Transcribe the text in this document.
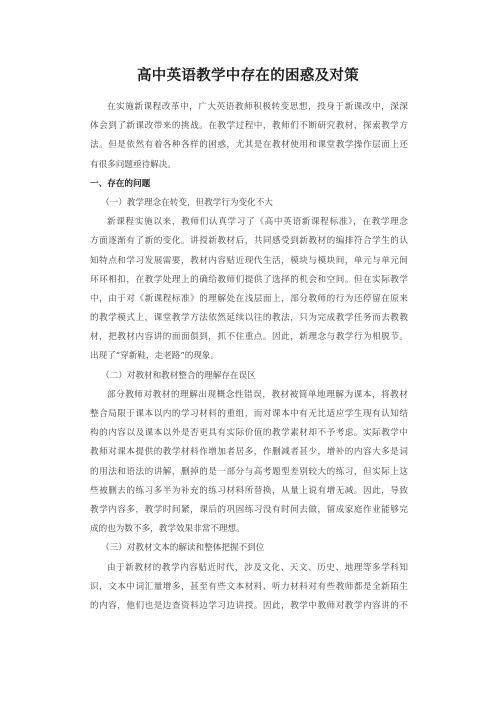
高中英语教学中存在的困惑及对策
在实施新课程改革中，广大英语教师积极转变思想，投身于新课改中，深深
体会到了新课改带来的挑战。在教学过程中，教师们不断研究教材，探索教学方
法。但是依然有着各种各样的困惑，尤其是在教材使用和课堂教学操作层面上还
有很多问题亟待解决。
一、存在的问题
（一）教学理念在转变，但教学行为变化不大
新课程实施以来，教师们认真学习了《高中英语新课程标准》，在教学理念
方面逐渐有了新的变化。讲授新教材后，共同感受到新教材的编排符合学生的认
知特点和学习发展需要，教材内容贴近现代生活，模块与模块间，单元与单元间
环环相扣，在教学处理上的确给教师们提供了选择的机会和空间。但在实际教学
中，由于对《新课程标准》的理解处在浅层面上，部分教师的行为还停留在原来
的教学模式上，课堂教学方法依然延续以往的教法，只为完成教学任务而去教教
材，把教材内容讲的面面俱到，抓不住重点。因此，新理念与教学行为相脱节。
出现了“穿新鞋，走老路”的现象。
（二）对教材和教材整合的理解存在误区
部分教师对教材的理解出现概念性错误，教材被简单地理解为课本，将教材
整合局限于课本以内的学习材料的重组，而对课本中有无比适应学生现有认知结
构的内容以及课本以外是否更具有实际价值的教学素材却不予考虑。实际教学中
教师对课本提供的教学材料作增加者居多，作删减者甚少，增补的内容大多是词
的用法和语法的讲解，删掉的是一部分与高考题型差别较大的练习，但实际上这
些被删去的练习多半为补充的练习材料所替换，从量上说有增无减。因此，导致
教学内容多，教学时间紧，课后的巩固练习没有时间去做，留成家庭作业能够完
成的也为数不多，教学效果非常不理想。
（三）对教材文本的解读和整体把握不到位
由于新教材的教学内容贴近时代，涉及文化、天文、历史、地理等多学科知
识，文本中词汇量增多，甚至有些文本材料、听力材料对有些教师都是全新陌生
的内容，他们也是边查资料边学习边讲授。因此，教学中教师对教学内容讲的不
